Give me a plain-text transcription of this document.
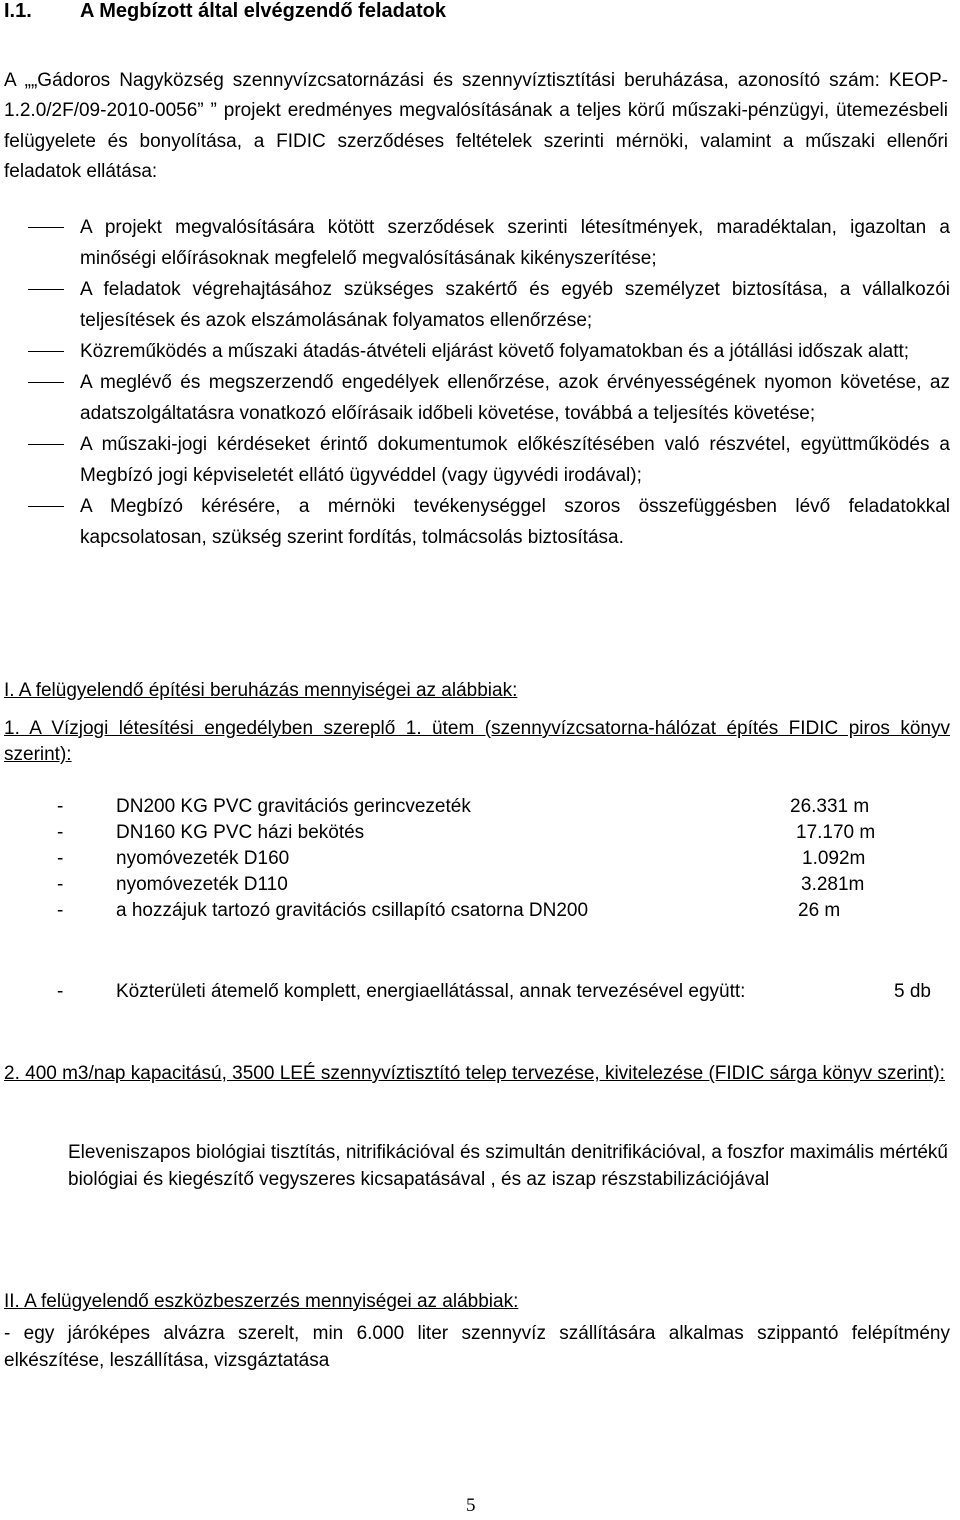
I.1. A Megbízott által elvégzendő feladatok

A „„Gádoros Nagyközség szennyvízcsatornázási és szennyvíztisztítási beruházása, azonosító szám: KEOP-1.2.0/2F/09-2010-0056” ” projekt eredményes megvalósításának a teljes körű műszaki-pénzügyi, ütemezésbeli felügyelete és bonyolítása, a FIDIC szerződéses feltételek szerinti mérnöki, valamint a műszaki ellenőri feladatok ellátása:

A projekt megvalósítására kötött szerződések szerinti létesítmények, maradéktalan, igazoltan a minőségi előírásoknak megfelelő megvalósításának kikényszerítése;
A feladatok végrehajtásához szükséges szakértő és egyéb személyzet biztosítása, a vállalkozói teljesítések és azok elszámolásának folyamatos ellenőrzése;
Közreműködés a műszaki átadás-átvételi eljárást követő folyamatokban és a jótállási időszak alatt;
A meglévő és megszerzendő engedélyek ellenőrzése, azok érvényességének nyomon követése, az adatszolgáltatásra vonatkozó előírásaik időbeli követése, továbbá a teljesítés követése;
A műszaki-jogi kérdéseket érintő dokumentumok előkészítésében való részvétel, együttműködés a Megbízó jogi képviseletét ellátó ügyvéddel (vagy ügyvédi irodával);
A Megbízó kérésére, a mérnöki tevékenységgel szoros összefüggésben lévő feladatokkal kapcsolatosan, szükség szerint fordítás, tolmácsolás biztosítása.

I. A felügyelendő építési beruházás mennyiségei az alábbiak:

1. A Vízjogi létesítési engedélyben szereplő 1. ütem (szennyvízcsatorna-hálózat építés FIDIC piros könyv szerint):

-	DN200 KG PVC gravitációs gerincvezeték	26.331 m
-	DN160 KG PVC házi bekötés	17.170 m
-	nyomóvezeték D160	1.092m
-	nyomóvezeték D110	3.281m
-	a hozzájuk tartozó gravitációs csillapító csatorna DN200	26 m
-	Közterületi átemelő komplett, energiaellátással, annak tervezésével együtt:	5 db

2. 400 m3/nap kapacitású, 3500 LEÉ szennyvíztisztító telep tervezése, kivitelezése (FIDIC sárga könyv szerint):

Eleveniszapos biológiai tisztítás, nitrifikációval és szimultán denitrifikációval, a foszfor maximális mértékű biológiai és kiegészítő vegyszeres kicsapatásával , és az iszap részstabilizációjával

II. A felügyelendő eszközbeszerzés mennyiségei az alábbiak:

- egy járóképes alvázra szerelt, min 6.000 liter szennyvíz szállítására alkalmas szippantó felépítmény elkészítése, leszállítása, vizsgáztatása

5
